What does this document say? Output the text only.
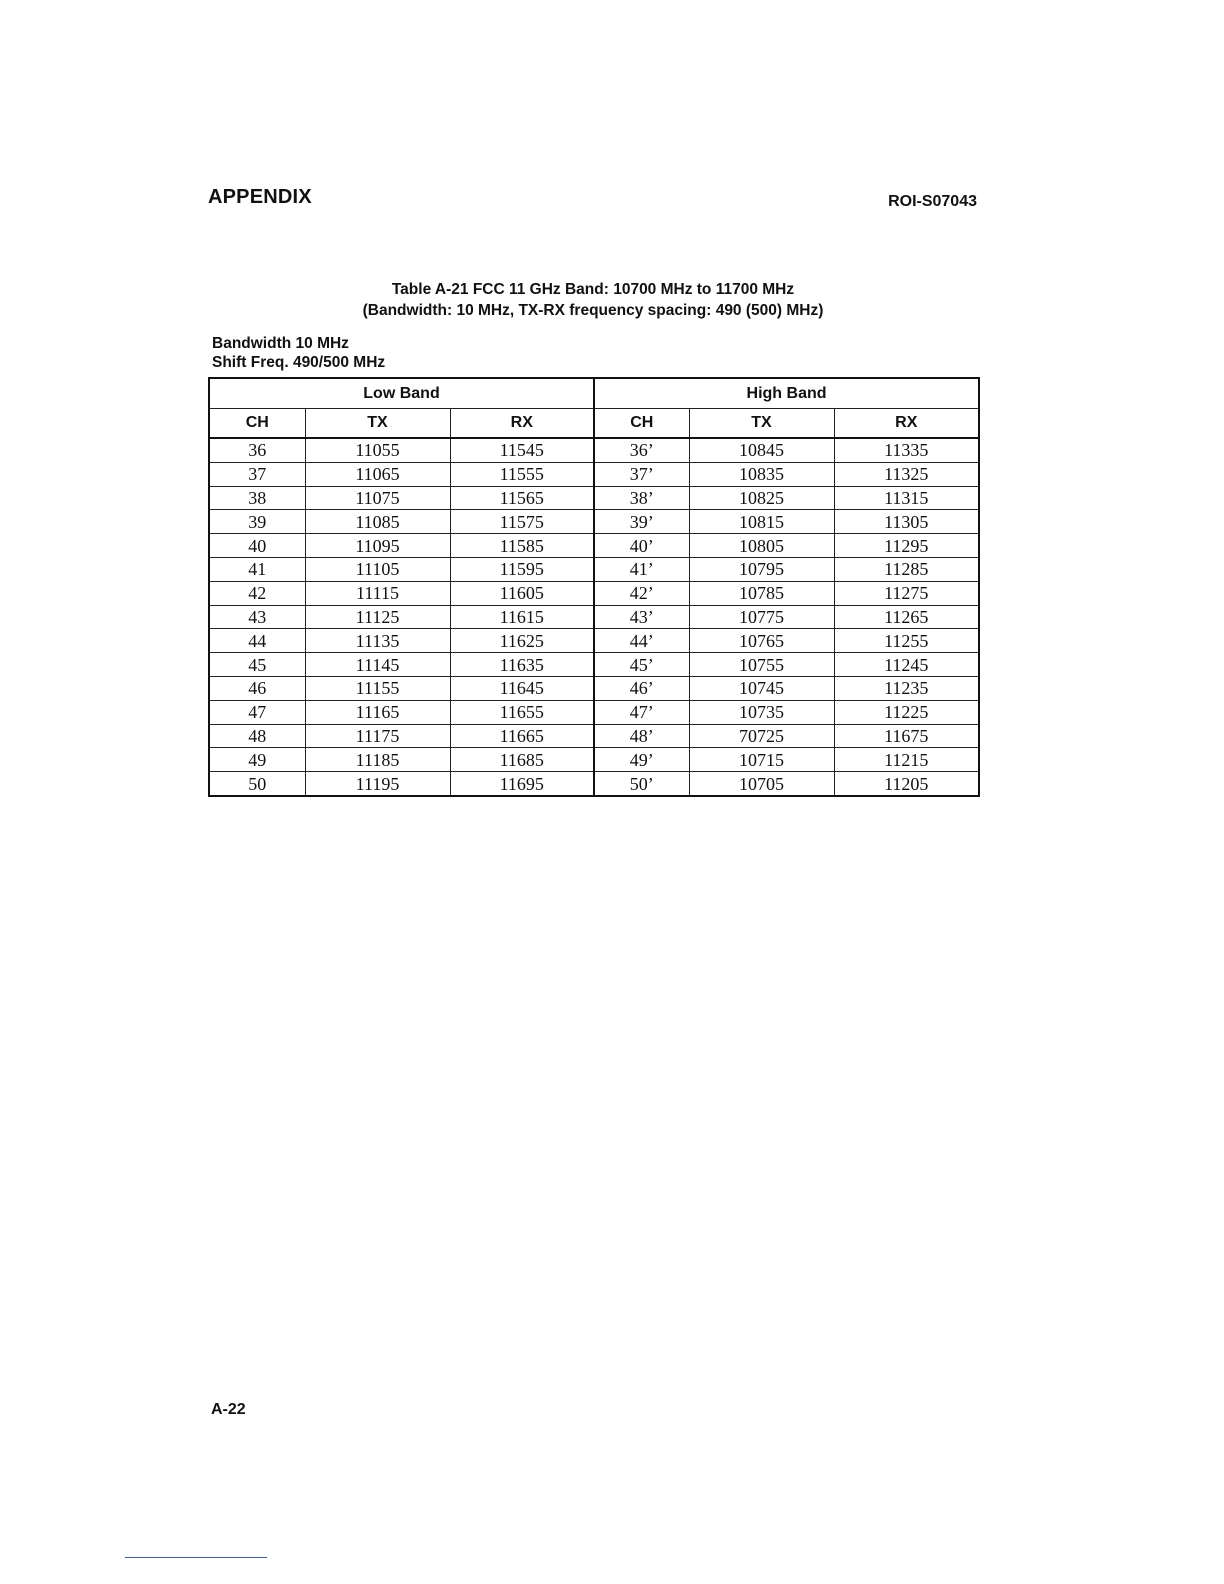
APPENDIX	ROI-S07043
Table A-21 FCC 11 GHz Band: 10700 MHz to 11700 MHz
(Bandwidth: 10 MHz, TX-RX frequency spacing: 490 (500) MHz)
Bandwidth 10 MHz
Shift Freq. 490/500 MHz
Low Band			High Band		
CH	TX	RX	CH	TX	RX
36	11055	11545	36’	10845	11335
37	11065	11555	37’	10835	11325
38	11075	11565	38’	10825	11315
39	11085	11575	39’	10815	11305
40	11095	11585	40’	10805	11295
41	11105	11595	41’	10795	11285
42	11115	11605	42’	10785	11275
43	11125	11615	43’	10775	11265
44	11135	11625	44’	10765	11255
45	11145	11635	45’	10755	11245
46	11155	11645	46’	10745	11235
47	11165	11655	47’	10735	11225
48	11175	11665	48’	70725	11675
49	11185	11685	49’	10715	11215
50	11195	11695	50’	10705	11205
A-22
